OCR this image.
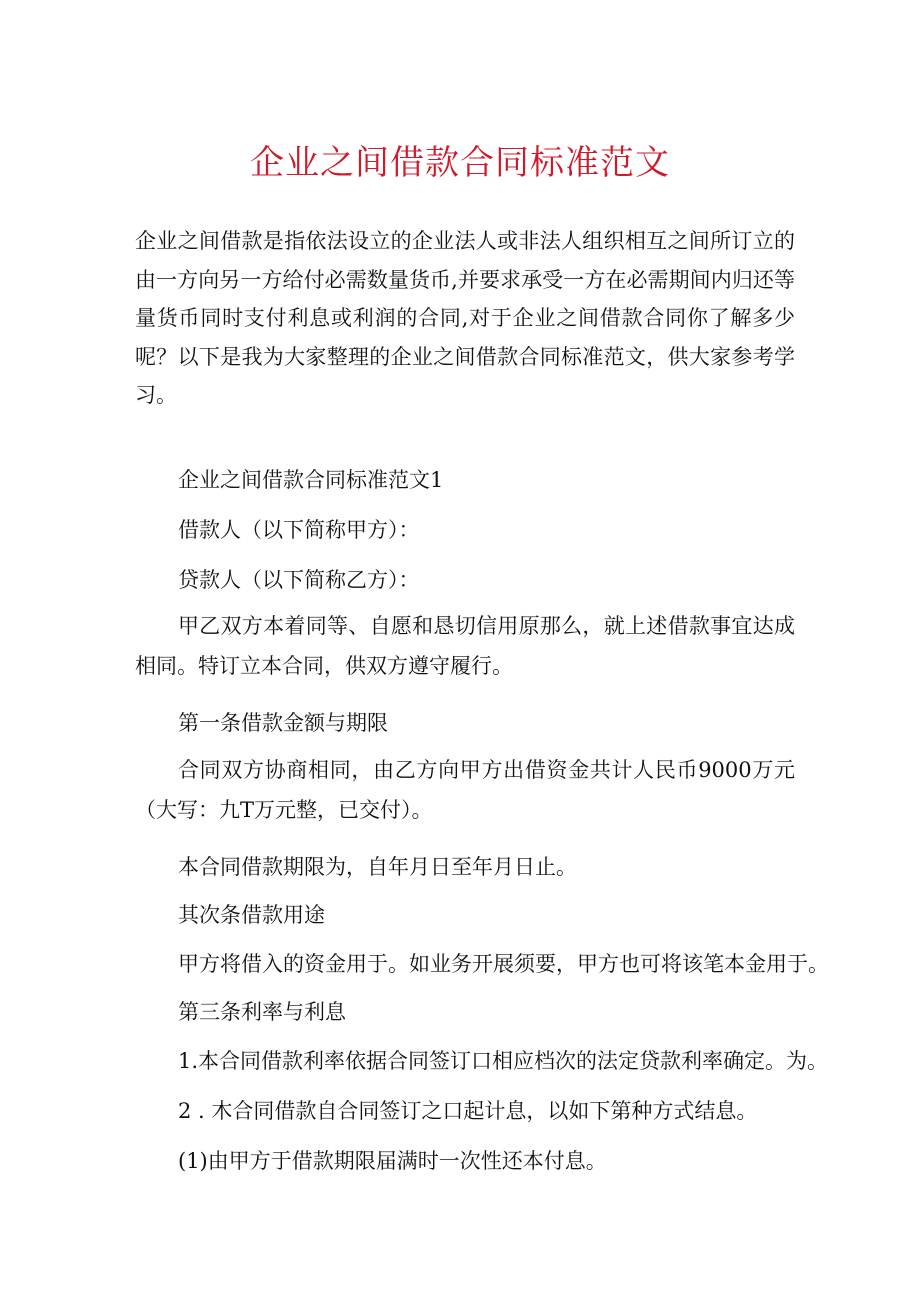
企业之间借款合同标准范文

企业之间借款是指依法设立的企业法人或非法人组织相互之间所订立的由一方向另一方给付必需数量货币,并要求承受一方在必需期间内归还等量货币同时支付利息或利润的合同,对于企业之间借款合同你了解多少呢？以下是我为大家整理的企业之间借款合同标准范文，供大家参考学习。

企业之间借款合同标准范文1

借款人（以下简称甲方）：

贷款人（以下简称乙方）：

甲乙双方本着同等、自愿和恳切信用原那么，就上述借款事宜达成相同。特订立本合同，供双方遵守履行。

第一条借款金额与期限

合同双方协商相同，由乙方向甲方出借资金共计人民币9000万元（大写：九T万元整，已交付）。

本合同借款期限为，自年月日至年月日止。

其次条借款用途

甲方将借入的资金用于。如业务开展须要，甲方也可将该笔本金用于。

第三条利率与利息

1.本合同借款利率依据合同签订口相应档次的法定贷款利率确定。为。

2 . 木合同借款自合同签订之口起计息，以如下第种方式结息。

(1)由甲方于借款期限届满时一次性还本付息。
